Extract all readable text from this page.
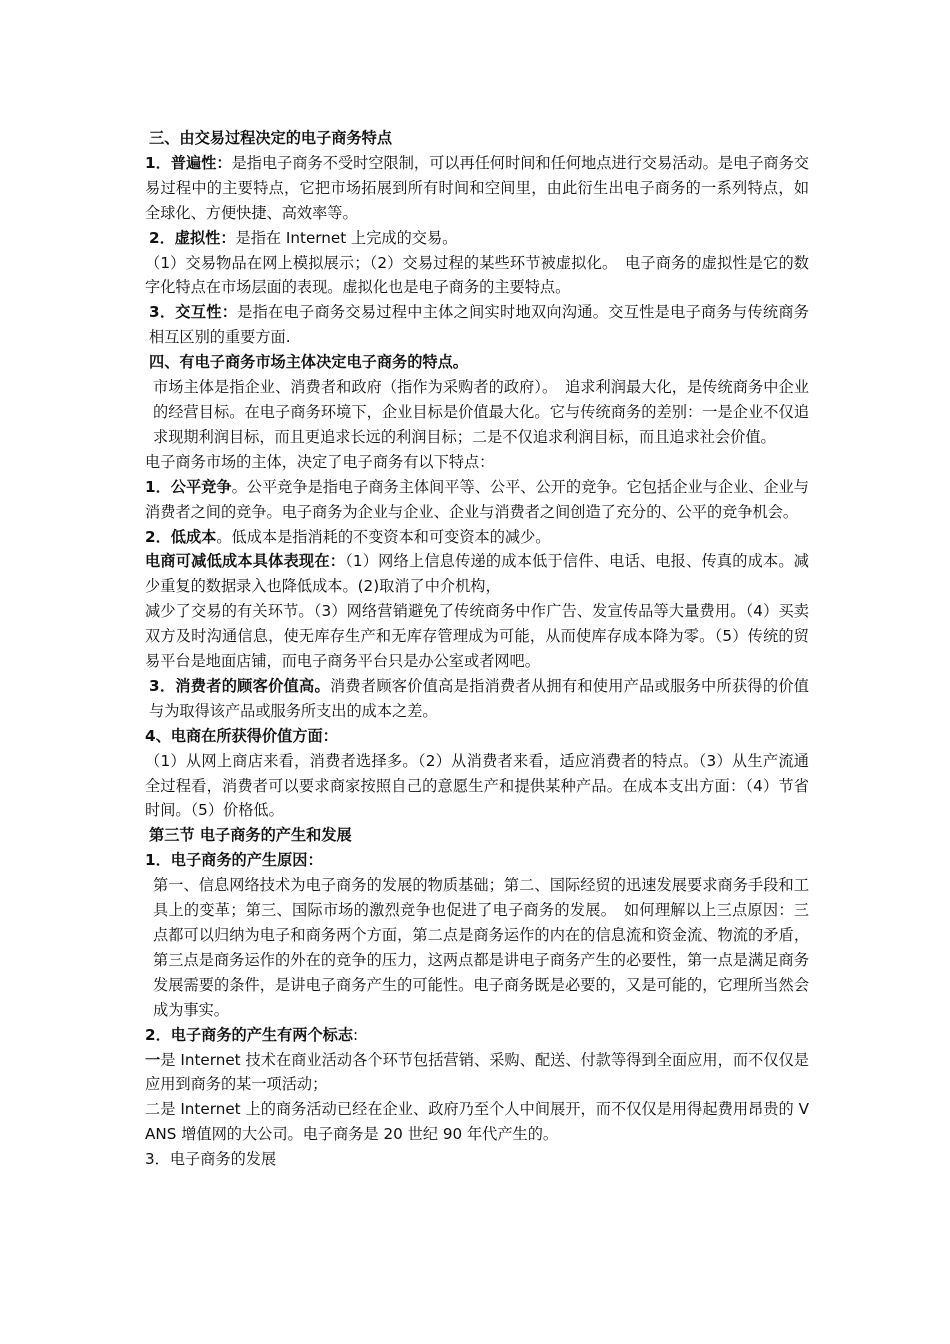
三、由交易过程决定的电子商务特点

1．普遍性：是指电子商务不受时空限制，可以再任何时间和任何地点进行交易活动。是电子商务交易过程中的主要特点，它把市场拓展到所有时间和空间里，由此衍生出电子商务的一系列特点，如全球化、方便快捷、高效率等。

2．虚拟性：是指在 Internet 上完成的交易。

（1）交易物品在网上模拟展示；（2）交易过程的某些环节被虚拟化。　电子商务的虚拟性是它的数字化特点在市场层面的表现。虚拟化也是电子商务的主要特点。

3．交互性：是指在电子商务交易过程中主体之间实时地双向沟通。交互性是电子商务与传统商务相互区别的重要方面.

四、有电子商务市场主体决定电子商务的特点。

市场主体是指企业、消费者和政府（指作为采购者的政府）。　追求利润最大化，是传统商务中企业的经营目标。在电子商务环境下，企业目标是价值最大化。它与传统商务的差别：一是企业不仅追求现期利润目标，而且更追求长远的利润目标；二是不仅追求利润目标，而且追求社会价值。

电子商务市场的主体，决定了电子商务有以下特点：

1．公平竞争。公平竞争是指电子商务主体间平等、公平、公开的竞争。它包括企业与企业、企业与消费者之间的竞争。电子商务为企业与企业、企业与消费者之间创造了充分的、公平的竞争机会。

2．低成本。低成本是指消耗的不变资本和可变资本的减少。

电商可减低成本具体表现在：（1）网络上信息传递的成本低于信件、电话、电报、传真的成本。减少重复的数据录入也降低成本。(2)取消了中介机构，

减少了交易的有关环节。（3）网络营销避免了传统商务中作广告、发宣传品等大量费用。（4）买卖双方及时沟通信息，使无库存生产和无库存管理成为可能，从而使库存成本降为零。（5）传统的贸易平台是地面店铺，而电子商务平台只是办公室或者网吧。

3．消费者的顾客价值高。消费者顾客价值高是指消费者从拥有和使用产品或服务中所获得的价值与为取得该产品或服务所支出的成本之差。

4、电商在所获得价值方面：

（1）从网上商店来看，消费者选择多。（2）从消费者来看，适应消费者的特点。（3）从生产流通全过程看，消费者可以要求商家按照自己的意愿生产和提供某种产品。在成本支出方面：（4）节省时间。（5）价格低。

第三节 电子商务的产生和发展

1．电子商务的产生原因：

第一、信息网络技术为电子商务的发展的物质基础；第二、国际经贸的迅速发展要求商务手段和工具上的变革；第三、国际市场的激烈竞争也促进了电子商务的发展。　如何理解以上三点原因：三点都可以归纳为电子和商务两个方面，第二点是商务运作的内在的信息流和资金流、物流的矛盾，第三点是商务运作的外在的竞争的压力，这两点都是讲电子商务产生的必要性，第一点是满足商务发展需要的条件，是讲电子商务产生的可能性。电子商务既是必要的，又是可能的，它理所当然会成为事实。

2．电子商务的产生有两个标志:

一是 Internet 技术在商业活动各个环节包括营销、采购、配送、付款等得到全面应用，而不仅仅是应用到商务的某一项活动；

二是 Internet 上的商务活动已经在企业、政府乃至个人中间展开，而不仅仅是用得起费用昂贵的 VANS 增值网的大公司。电子商务是 20 世纪 90 年代产生的。

3．电子商务的发展
